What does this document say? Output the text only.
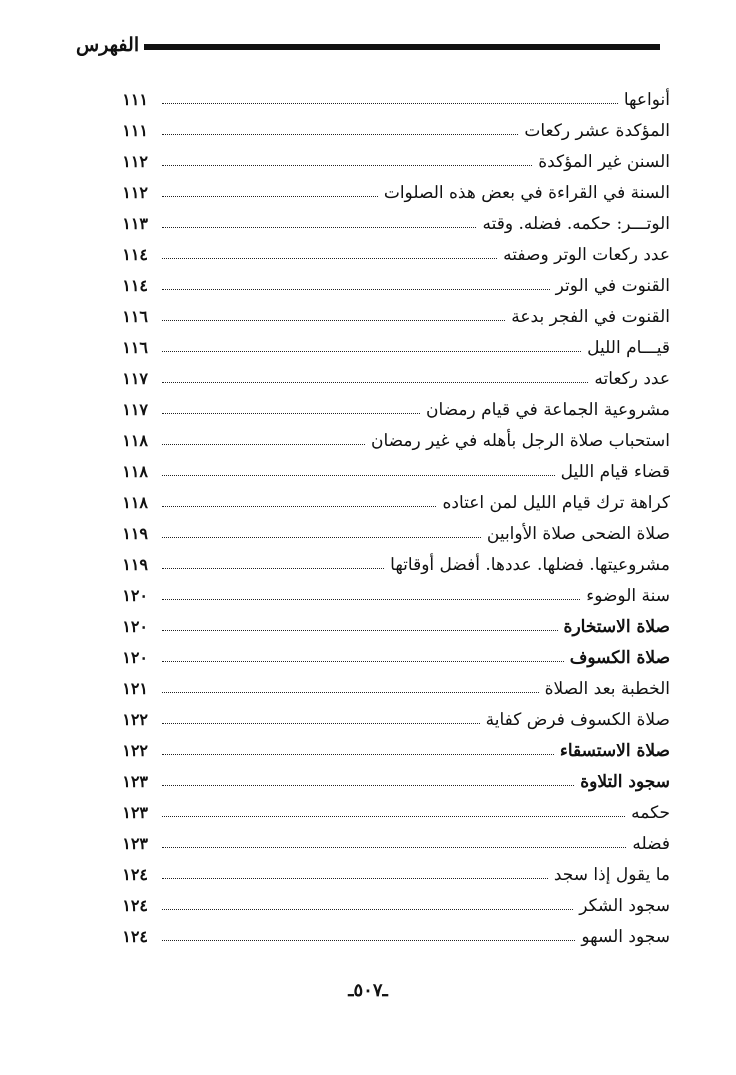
الفهرس
أنواعها
١١١
المؤكدة عشر ركعات
١١١
السنن غير المؤكدة
١١٢
السنة في القراءة في بعض هذه الصلوات
١١٢
الوتـــر: حكمه. فضله. وقته
١١٣
عدد ركعات الوتر وصفته
١١٤
القنوت في الوتر
١١٤
القنوت في الفجر بدعة
١١٦
قيـــام الليل
١١٦
عدد ركعاته
١١٧
مشروعية الجماعة في قيام رمضان
١١٧
استحباب صلاة الرجل بأهله في غير رمضان
١١٨
قضاء قيام الليل
١١٨
كراهة ترك قيام الليل لمن اعتاده
١١٨
صلاة الضحى صلاة الأوابين
١١٩
مشروعيتها. فضلها. عددها. أفضل أوقاتها
١١٩
سنة الوضوء
١٢٠
صلاة الاستخارة
١٢٠
صلاة الكسوف
١٢٠
الخطبة بعد الصلاة
١٢١
صلاة الكسوف فرض كفاية
١٢٢
صلاة الاستسقاء
١٢٢
سجود التلاوة
١٢٣
حكمه
١٢٣
فضله
١٢٣
ما يقول إذا سجد
١٢٤
سجود الشكر
١٢٤
سجود السهو
١٢٤
ـ٥٠٧ـ
